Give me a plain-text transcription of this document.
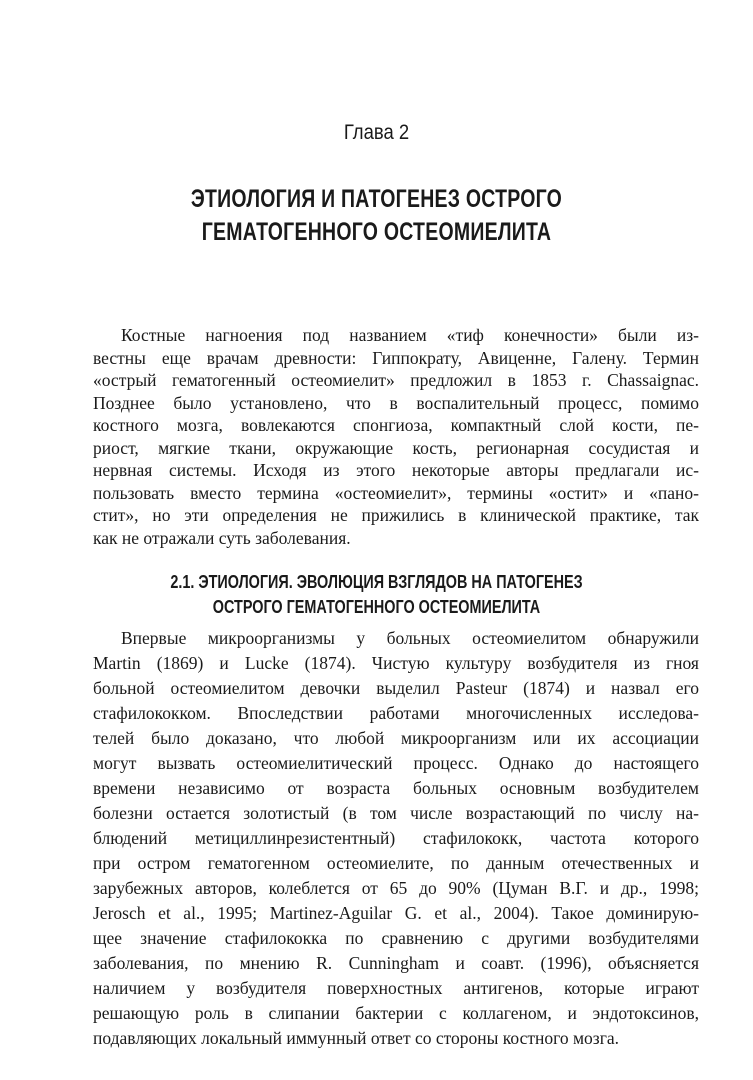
Глава 2
ЭТИОЛОГИЯ И ПАТОГЕНЕЗ ОСТРОГО
ГЕМАТОГЕННОГО ОСТЕОМИЕЛИТА
Костные нагноения под названием «тиф конечности» были из-
вестны еще врачам древности: Гиппократу, Авиценне, Галену. Термин
«острый гематогенный остеомиелит» предложил в 1853 г. Chassaignac.
Позднее было установлено, что в воспалительный процесс, помимо
костного мозга, вовлекаются спонгиоза, компактный слой кости, пе-
риост, мягкие ткани, окружающие кость, регионарная сосудистая и
нервная системы. Исходя из этого некоторые авторы предлагали ис-
пользовать вместо термина «остеомиелит», термины «остит» и «пано-
стит», но эти определения не прижились в клинической практике, так
как не отражали суть заболевания.
2.1. ЭТИОЛОГИЯ. ЭВОЛЮЦИЯ ВЗГЛЯДОВ НА ПАТОГЕНЕЗ
ОСТРОГО ГЕМАТОГЕННОГО ОСТЕОМИЕЛИТА
Впервые микроорганизмы у больных остеомиелитом обнаружили
Martin (1869) и Lucke (1874). Чистую культуру возбудителя из гноя
больной остеомиелитом девочки выделил Pasteur (1874) и назвал его
стафилококком. Впоследствии работами многочисленных исследова-
телей было доказано, что любой микроорганизм или их ассоциации
могут вызвать остеомиелитический процесс. Однако до настоящего
времени независимо от возраста больных основным возбудителем
болезни остается золотистый (в том числе возрастающий по числу на-
блюдений метициллинрезистентный) стафилококк, частота которого
при остром гематогенном остеомиелите, по данным отечественных и
зарубежных авторов, колеблется от 65 до 90% (Цуман В.Г. и др., 1998;
Jerosch et al., 1995; Martinez-Aguilar G. et al., 2004). Такое доминирую-
щее значение стафилококка по сравнению с другими возбудителями
заболевания, по мнению R. Cunningham и соавт. (1996), объясняется
наличием у возбудителя поверхностных антигенов, которые играют
решающую роль в слипании бактерии с коллагеном, и эндотоксинов,
подавляющих локальный иммунный ответ со стороны костного мозга.
